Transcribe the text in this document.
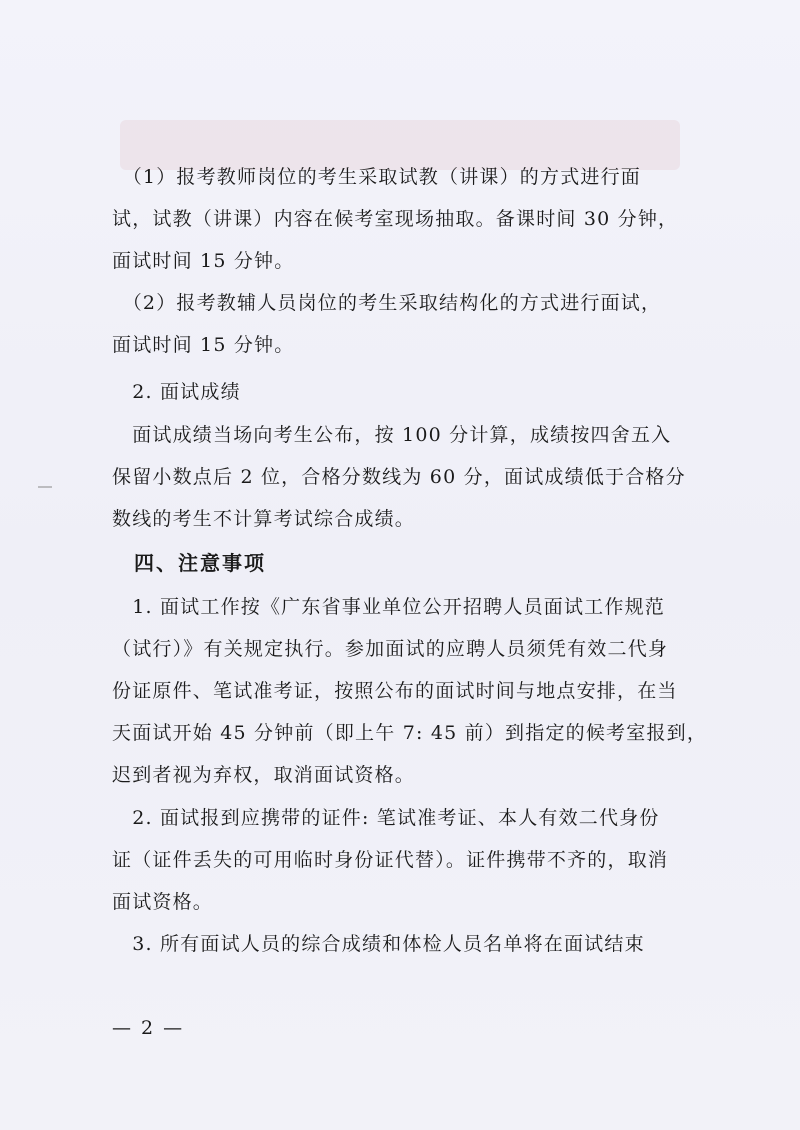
　（1）报考教师岗位的考生采取试教（讲课）的方式进行面
试，试教（讲课）内容在候考室现场抽取。备课时间 30 分钟，
面试时间 15 分钟。
　（2）报考教辅人员岗位的考生采取结构化的方式进行面试，
面试时间 15 分钟。
　2. 面试成绩
　面试成绩当场向考生公布，按 100 分计算，成绩按四舍五入
保留小数点后 2 位，合格分数线为 60 分，面试成绩低于合格分
数线的考生不计算考试综合成绩。
　四、注意事项
　1. 面试工作按《广东省事业单位公开招聘人员面试工作规范
（试行）》有关规定执行。参加面试的应聘人员须凭有效二代身
份证原件、笔试准考证，按照公布的面试时间与地点安排，在当
天面试开始 45 分钟前（即上午 7: 45 前）到指定的候考室报到，
迟到者视为弃权，取消面试资格。
　2. 面试报到应携带的证件: 笔试准考证、本人有效二代身份
证（证件丢失的可用临时身份证代替）。证件携带不齐的，取消
面试资格。
　3. 所有面试人员的综合成绩和体检人员名单将在面试结束
— 2 —
